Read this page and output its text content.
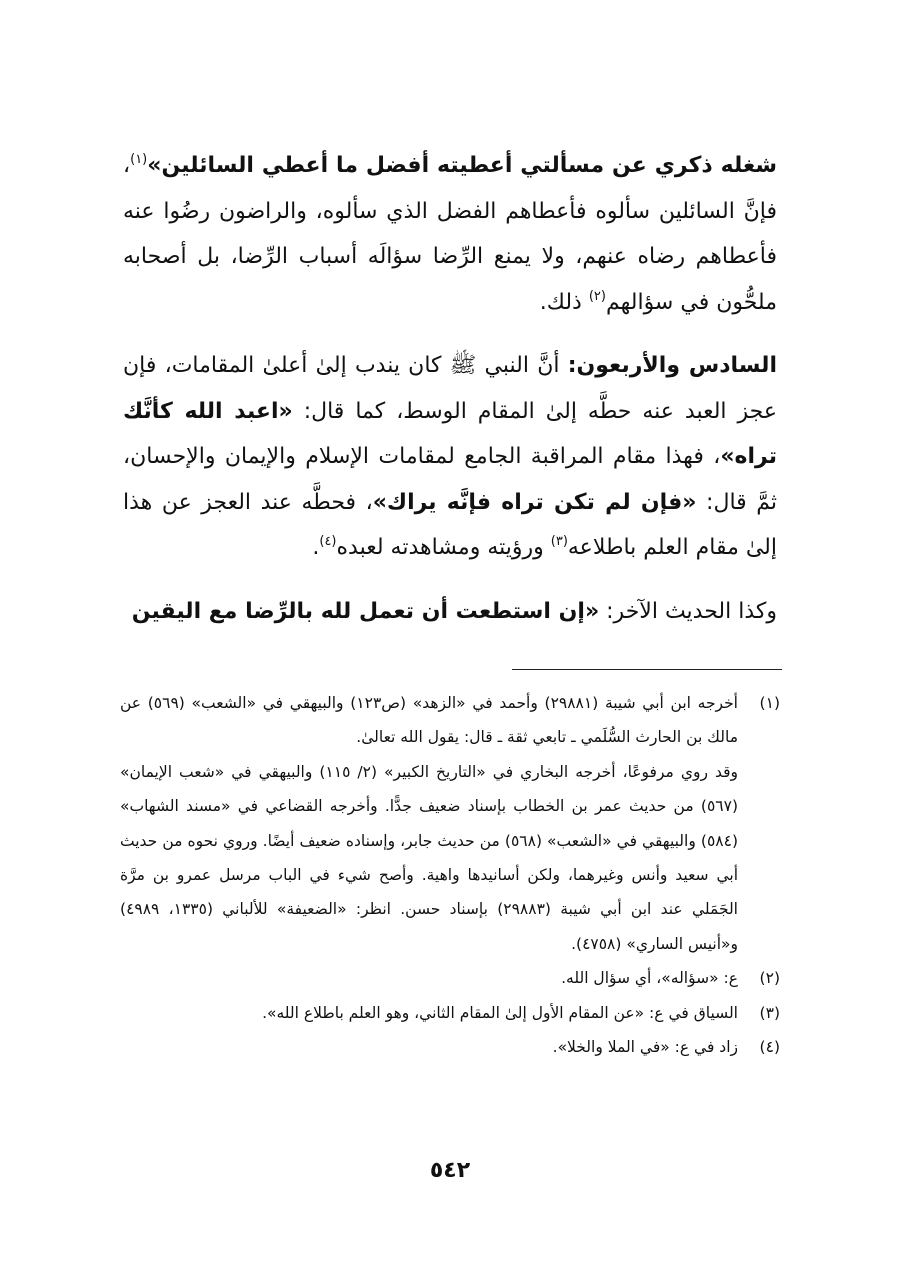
شغله ذكري عن مسألتي أعطيته أفضل ما أعطي السائلين»$^{(١)}$، فإنَّ السائلين سألوه فأعطاهم الفضل الذي سألوه، والراضون رضُوا عنه فأعطاهم رضاه عنهم، ولا يمنع الرِّضا سؤالَه أسباب الرِّضا، بل أصحابه ملحُّون في سؤالهم$^{(٢)}$ ذلك.

السادس والأربعون: أنَّ النبي ﷺ كان يندب إلىٰ أعلىٰ المقامات، فإن عجز العبد عنه حطَّه إلىٰ المقام الوسط، كما قال: «اعبد الله كأنَّك تراه»، فهذا مقام المراقبة الجامع لمقامات الإسلام والإيمان والإحسان، ثمَّ قال: «فإن لم تكن تراه فإنَّه يراك»، فحطَّه عند العجز عن هذا إلىٰ مقام العلم باطلاعه$^{(٣)}$ ورؤيته ومشاهدته لعبده$^{(٤)}$.

وكذا الحديث الآخر: «إن استطعت أن تعمل لله بالرِّضا مع اليقين

(١)
أخرجه ابن أبي شيبة (٢٩٨٨١) وأحمد في «الزهد» (ص١٢٣) والبيهقي في «الشعب» (٥٦٩) عن مالك بن الحارث السُّلَمي ـ تابعي ثقة ـ قال: يقول الله تعالىٰ.
وقد روي مرفوعًا، أخرجه البخاري في «التاريخ الكبير» (٢/ ١١٥) والبيهقي في «شعب الإيمان» (٥٦٧) من حديث عمر بن الخطاب بإسناد ضعيف جدًّا. وأخرجه القضاعي في «مسند الشهاب» (٥٨٤) والبيهقي في «الشعب» (٥٦٨) من حديث جابر، وإسناده ضعيف أيضًا. وروي نحوه من حديث أبي سعيد وأنس وغيرهما، ولكن أسانيدها واهية. وأصح شيء في الباب مرسل عمرو بن مرَّة الجَمَلي عند ابن أبي شيبة (٢٩٨٨٣) بإسناد حسن. انظر: «الضعيفة» للألباني (١٣٣٥، ٤٩٨٩) و«أنيس الساري» (٤٧٥٨).
(٢)
ع: «سؤاله»، أي سؤال الله.
(٣)
السياق في ع: «عن المقام الأول إلىٰ المقام الثاني، وهو العلم باطلاع الله».
(٤)
زاد في ع: «في الملا والخلا».
٥٤٢
